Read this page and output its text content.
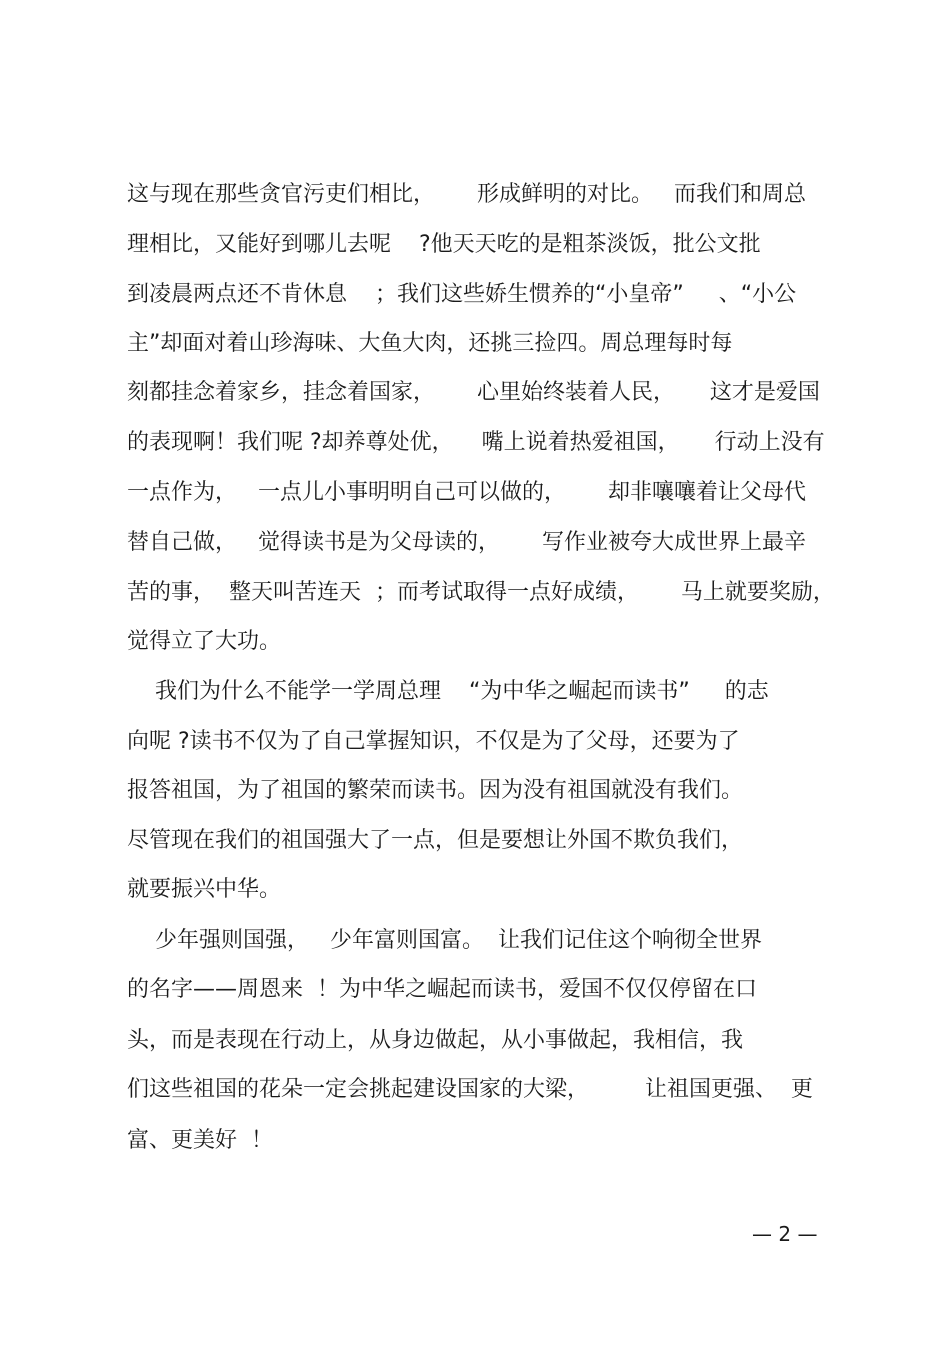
这与现在那些贪官污吏们相比，      形成鲜明的对比。   而我们和周总
理相比，又能好到哪儿去呢    ?他天天吃的是粗茶淡饭，批公文批
到凌晨两点还不肯休息    ；我们这些娇生惯养的“小皇帝”     、“小公
主”却面对着山珍海味、大鱼大肉，还挑三捡四。周总理每时每
刻都挂念着家乡，挂念着国家，      心里始终装着人民，     这才是爱国
的表现啊！我们呢 ?却养尊处优，    嘴上说着热爱祖国，     行动上没有
一点作为，   一点儿小事明明自己可以做的，      却非嚷嚷着让父母代
替自己做，   觉得读书是为父母读的，      写作业被夸大成世界上最辛
苦的事，  整天叫苦连天  ；而考试取得一点好成绩，      马上就要奖励，
觉得立了大功。
我们为什么不能学一学周总理    “为中华之崛起而读书”     的志
向呢 ?读书不仅为了自己掌握知识，不仅是为了父母，还要为了
报答祖国，为了祖国的繁荣而读书。因为没有祖国就没有我们。
尽管现在我们的祖国强大了一点，但是要想让外国不欺负我们，
就要振兴中华。
少年强则国强，   少年富则国富。  让我们记住这个响彻全世界
的名字——周恩来  ！为中华之崛起而读书，爱国不仅仅停留在口
头，而是表现在行动上，从身边做起，从小事做起，我相信，我
们这些祖国的花朵一定会挑起建设国家的大梁，        让祖国更强、  更
富、更美好  ！
— 2 —
